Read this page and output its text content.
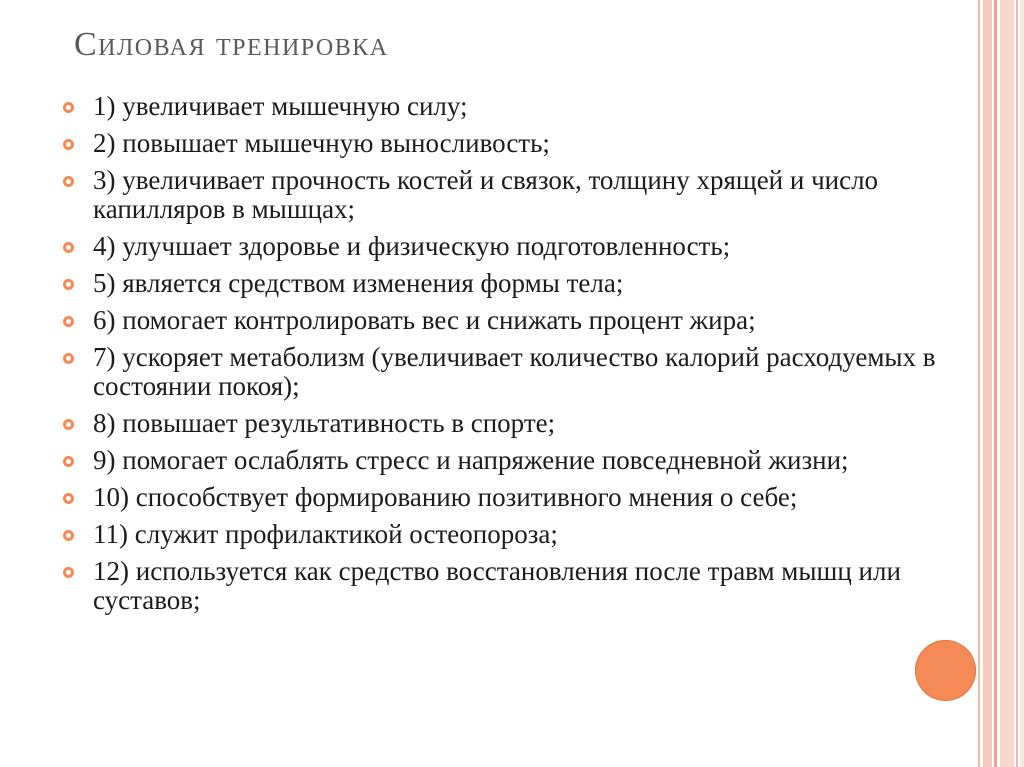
Силовая тренировка
1) увеличивает мышечную силу;
2) повышает мышечную выносливость;
3) увеличивает прочность костей и связок, толщину хрящей и число капилляров в мышцах;
4) улучшает здоровье и физическую подготовленность;
5) является средством изменения формы тела;
6) помогает контролировать вес и снижать процент жира;
7) ускоряет метаболизм (увеличивает количество калорий расходуемых в состоянии покоя);
8) повышает результативность в спорте;
9) помогает ослаблять стресс и напряжение повседневной жизни;
10) способствует формированию позитивного мнения о себе;
11) служит профилактикой остеопороза;
12) используется как средство восстановления после травм мышц или суставов;
